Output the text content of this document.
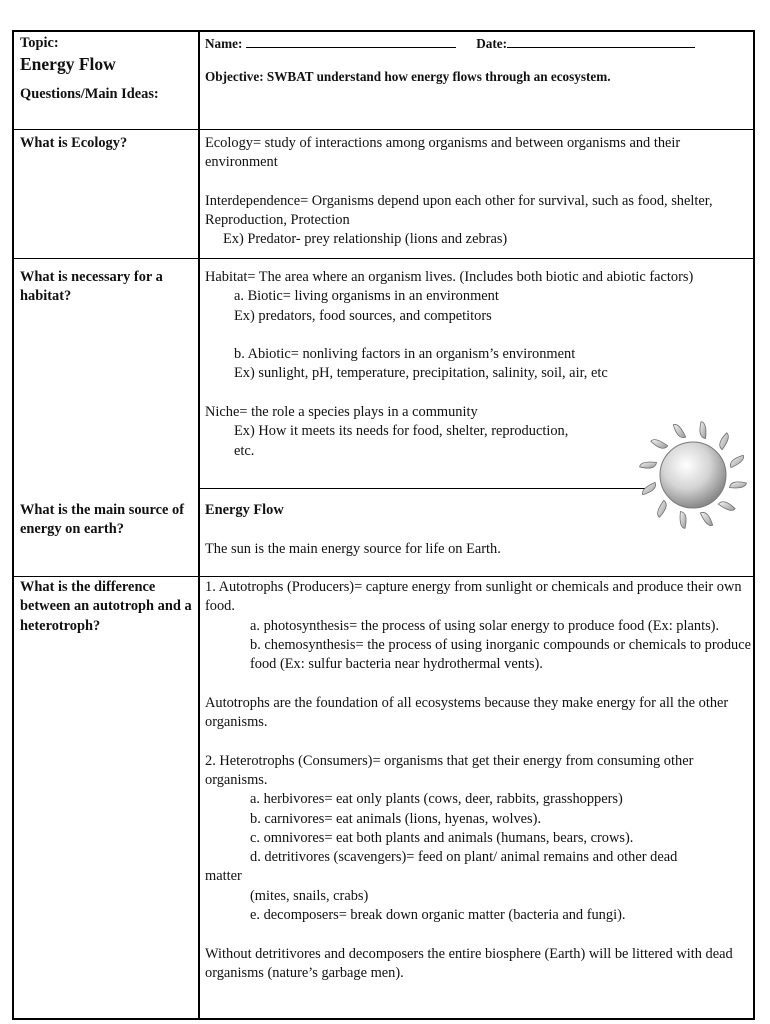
Topic:

Energy Flow

Questions/Main Ideas:

Name:	Date:

Objective: SWBAT understand how energy flows through an ecosystem.

What is Ecology?	Ecology= study of interactions among organisms and between organisms and their environment

Interdependence= Organisms depend upon each other for survival, such as food, shelter, Reproduction, Protection

Ex) Predator- prey relationship (lions and zebras)

What is necessary for a habitat?

Habitat= The area where an organism lives. (Includes both biotic and abiotic factors)

a. Biotic= living organisms in an environment

Ex) predators, food sources, and competitors

b. Abiotic= nonliving factors in an organism’s environment

Ex) sunlight, pH, temperature, precipitation, salinity, soil, air, etc

Niche= the role a species plays in a community

Ex) How it meets its needs for food, shelter, reproduction,

etc.

What is the main source of energy on earth?

Energy Flow

The sun is the main energy source for life on Earth.

What is the difference between an autotroph and a heterotroph?

1. Autotrophs (Producers)= capture energy from sunlight or chemicals and produce their own food.

a. photosynthesis= the process of using solar energy to produce food (Ex: plants).

b. chemosynthesis= the process of using inorganic compounds or chemicals to produce food (Ex: sulfur bacteria near hydrothermal vents).

Autotrophs are the foundation of all ecosystems because they make energy for all the other organisms.

2. Heterotrophs (Consumers)= organisms that get their energy from consuming other organisms.

a. herbivores= eat only plants (cows, deer, rabbits, grasshoppers)

b. carnivores= eat animals (lions, hyenas, wolves).

c. omnivores= eat both plants and animals (humans, bears, crows).

d. detritivores (scavengers)= feed on plant/ animal remains and other dead

matter

(mites, snails, crabs)

e. decomposers= break down organic matter (bacteria and fungi).

Without detritivores and decomposers the entire biosphere (Earth) will be littered with dead organisms (nature’s garbage men).
